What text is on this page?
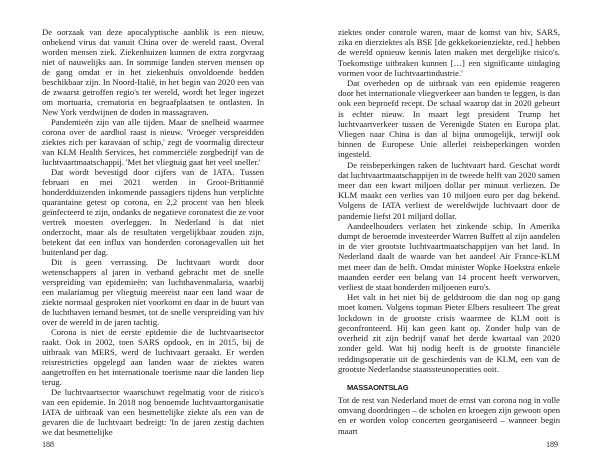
De oorzaak van deze apocalyptische aanblik is een nieuw, onbekend virus dat vanuit China over de wereld raast. Overal worden mensen ziek. Ziekenhuizen kunnen de extra zorgvraag niet of nauwelijks aan. In sommige landen sterven mensen op de gang omdat er in het ziekenhuis onvoldoende bedden beschikbaar zijn. In Noord-Italië, in het begin van 2020 een van de zwaarst getroffen regio's ter wereld, wordt het leger ingezet om mortuaria, crematoria en begraafplaatsen te ontlasten. In New York verdwijnen de doden in massagraven.

Pandemieën zijn van alle tijden. Maar de snelheid waarmee corona over de aardbol raast is nieuw. 'Vroeger verspreidden ziektes zich per karavaan of schip,' zegt de voormalig directeur van KLM Health Services, het commerciële zorgbedrijf van de luchtvaartmaatschappij. 'Met het vliegtuig gaat het veel sneller.'

Dat wordt bevestigd door cijfers van de IATA. Tussen februari en mei 2021 werden in Groot-Brittannië honderdduizenden inkomende passagiers tijdens hun verplichte quarantaine getest op corona, en 2,2 procent van hen bleek geïnfecteerd te zijn, ondanks de negatieve coronatest die ze voor vertrek moesten overleggen. In Nederland is dat niet onderzocht, maar als de resultaten vergelijkbaar zouden zijn, betekent dat een influx van honderden coronagevallen uit het buitenland per dag.

Dit is geen verrassing. De luchtvaart wordt door wetenschappers al jaren in verband gebracht met de snelle verspreiding van epidemieën: van luchthavenmalaria, waarbij een malariamug per vliegtuig meereist naar een land waar de ziekte normaal gesproken niet voorkomt en daar in de buurt van de luchthaven iemand besmet, tot de snelle verspreiding van hiv over de wereld in de jaren tachtig.

Corona is niet de eerste epidemie die de luchtvaartsector raakt. Ook in 2002, toen SARS opdook, en in 2015, bij de uitbraak van MERS, werd de luchtvaart geraakt. Er werden reisrestricties opgelegd aan landen waar de ziektes waren aangetroffen en het internationale toerisme naar die landen liep terug.

De luchtvaartsector waarschuwt regelmatig voor de risico's van een epidemie. In 2018 nog benoemde luchtvaartorganisatie IATA de uitbraak van een besmettelijke ziekte als een van de gevaren die de luchtvaart bedreigt: 'In de jaren zestig dachten we dat besmettelijke

188

ziektes onder controle waren, maar de komst van hiv, SARS, zika en dierziektes als BSE [de gekkekoeienziekte, red.] hebben de wereld opnieuw kennis laten maken met dergelijke risico's. Toekomstige uitbraken kunnen […] een significante uitdaging vormen voor de luchtvaartindustrie.'

Dat overheden op de uitbraak van een epidemie reageren door het internationale vliegverkeer aan banden te leggen, is dan ook een beproefd recept. De schaal waarop dat in 2020 gebeurt is echter nieuw. In maart legt president Trump het luchtvaartverkeer tussen de Verenigde Staten en Europa plat. Vliegen naar China is dan al bijna onmogelijk, terwijl ook binnen de Europese Unie allerlei reisbeperkingen worden ingesteld.

De reisbeperkingen raken de luchtvaart hard. Geschat wordt dat luchtvaartmaatschappijen in de tweede helft van 2020 samen meer dan een kwart miljoen dollar per minuut verliezen. De KLM maakt een verlies van 10 miljoen euro per dag bekend. Volgens de IATA verliest de wereldwijde luchtvaart door de pandemie liefst 201 miljard dollar.

Aandeelhouders verlaten het zinkende schip. In Amerika dumpt de beroemde investeerder Warren Buffett al zijn aandelen in de vier grootste luchtvaartmaatschappijen van het land. In Nederland daalt de waarde van het aandeel Air France-KLM met meer dan de helft. Omdat minister Wopke Hoekstra enkele maanden eerder een belang van 14 procent heeft verworven, verliest de staat honderden miljoenen euro's.

Het valt in het niet bij de geldstroom die dan nog op gang moet komen. Volgens topman Pieter Elbers resulteert The great lockdown in de grootste crisis waarmee de KLM ooit is geconfronteerd. Hij kan geen kant op. Zonder hulp van de overheid zit zijn bedrijf vanaf het derde kwartaal van 2020 zonder geld. Wat hij nodig heeft is de grootste financiële reddingsoperatie uit de geschiedenis van de KLM, een van de grootste Nederlandse staatssteunoperaties ooit.

MASSAONTSLAG

Tot de rest van Nederland moet de ernst van corona nog in volle omvang doordringen – de scholen en kroegen zijn gewoon open en er worden volop concerten georganiseerd – wanneer begin maart

189
